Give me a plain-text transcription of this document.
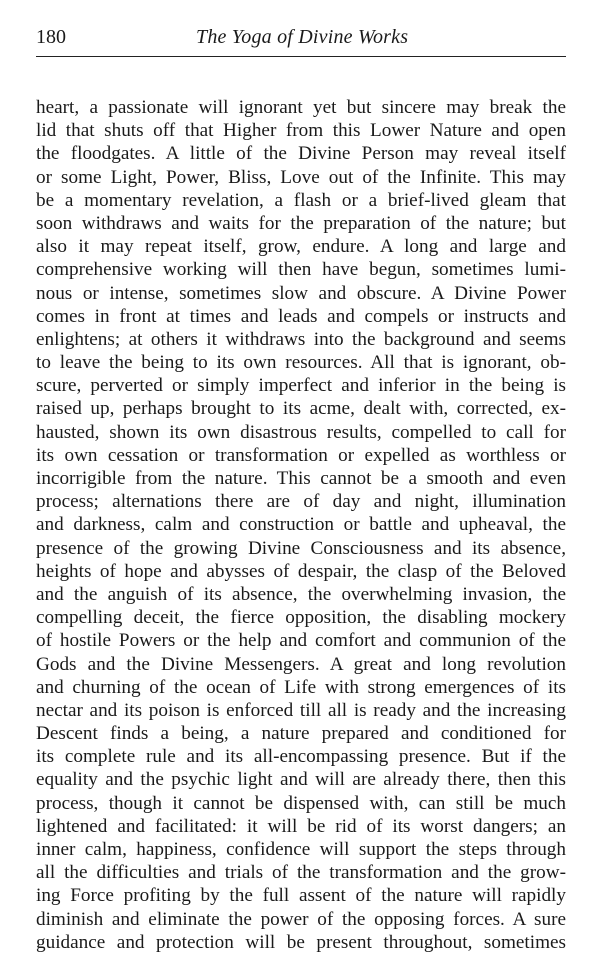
180	The Yoga of Divine Works
heart, a passionate will ignorant yet but sincere may break the
lid that shuts off that Higher from this Lower Nature and open
the floodgates. A little of the Divine Person may reveal itself
or some Light, Power, Bliss, Love out of the Infinite. This may
be a momentary revelation, a flash or a brief-lived gleam that
soon withdraws and waits for the preparation of the nature; but
also it may repeat itself, grow, endure. A long and large and
comprehensive working will then have begun, sometimes lumi-
nous or intense, sometimes slow and obscure. A Divine Power
comes in front at times and leads and compels or instructs and
enlightens; at others it withdraws into the background and seems
to leave the being to its own resources. All that is ignorant, ob-
scure, perverted or simply imperfect and inferior in the being is
raised up, perhaps brought to its acme, dealt with, corrected, ex-
hausted, shown its own disastrous results, compelled to call for
its own cessation or transformation or expelled as worthless or
incorrigible from the nature. This cannot be a smooth and even
process; alternations there are of day and night, illumination
and darkness, calm and construction or battle and upheaval, the
presence of the growing Divine Consciousness and its absence,
heights of hope and abysses of despair, the clasp of the Beloved
and the anguish of its absence, the overwhelming invasion, the
compelling deceit, the fierce opposition, the disabling mockery
of hostile Powers or the help and comfort and communion of the
Gods and the Divine Messengers. A great and long revolution
and churning of the ocean of Life with strong emergences of its
nectar and its poison is enforced till all is ready and the increasing
Descent finds a being, a nature prepared and conditioned for
its complete rule and its all-encompassing presence. But if the
equality and the psychic light and will are already there, then this
process, though it cannot be dispensed with, can still be much
lightened and facilitated: it will be rid of its worst dangers; an
inner calm, happiness, confidence will support the steps through
all the difficulties and trials of the transformation and the grow-
ing Force profiting by the full assent of the nature will rapidly
diminish and eliminate the power of the opposing forces. A sure
guidance and protection will be present throughout, sometimes
